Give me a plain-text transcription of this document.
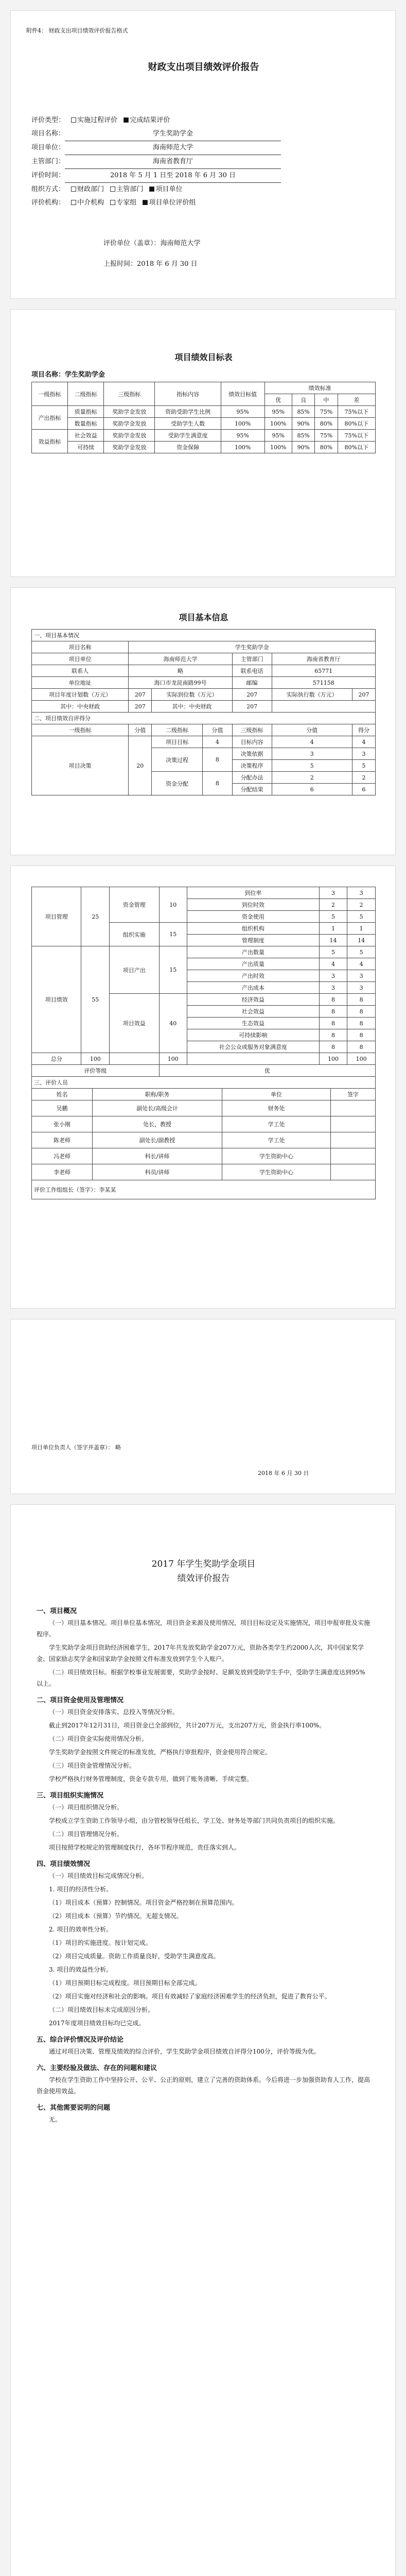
附件4： 财政支出项目绩效评价报告格式
财政支出项目绩效评价报告
评价类型： 实施过程评价 完成结果评价
项目名称：	学生奖助学金
项目单位：	海南师范大学
主管部门：	海南省教育厅
评价时间：	2018 年 5 月 1 日至 2018 年 6 月 30 日
组织方式： 财政部门 主管部门 项目单位
评价机构： 中介机构 专家组 项目单位评价组
评价单位（盖章）：海南师范大学
上报时间：2018 年 6 月 30 日
项目绩效目标表
项目名称：学生奖助学金
一级指标	二级指标	三级指标	指标内容	绩效目标值	绩效标准			
					优	良	中	差
产出指标	质量指标	奖助学金发放	资助受助学生比例	95%	95%	85%	75%	75%以下
	数量指标	奖助学金发放	受助学生人数	100%	100%	90%	80%	80%以下
效益指标	社会效益	奖助学金发放	受助学生满意度	95%	95%	85%	75%	75%以下
	可持续	奖助学金发放	资金保障	100%	100%	90%	80%	80%以下
项目基本信息
一、项目基本情况						
项目名称	学生奖助学金					
项目单位	海南师范大学			主管部门	海南省教育厅	
联系人	略			联系电话	65771	
单位地址	海口市龙昆南路99号			邮编	571158	
项目年度计划数（万元）	207	实际到位数（万元）		207	实际执行数（万元）	207
其中：中央财政	207	其中：中央财政		207		
二、项目绩效自评得分						
一级指标	分值	二级指标	分值	三级指标	分值	得分
项目决策	20	项目目标	4	目标内容	4	4
		决策过程	8	决策依据	3	3
				决策程序	5	5
		资金分配	8	分配办法	2	2
				分配结果	6	6
项目管理	25	资金管理	10	到位率	3	3
				到位时效	2	2
				资金使用	5	5
		组织实施	15	组织机构	1	1
				管理制度	14	14
项目绩效	55	项目产出	15	产出数量	5	5
				产出质量	4	4
				产出时效	3	3
				产出成本	3	3
		项目效益	40	经济效益	8	8
				社会效益	8	8
				生态效益	8	8
				可持续影响	8	8
				社会公众或服务对象满意度	8	8
总分	100		100		100	100
评价等级			优			
三、评价人员			
姓名	职称/职务	单位	签字
吴鹏	副处长/高级会计	财务处	
张小刚	处长，教授	学工处	
陈老师	副处长/副教授	学工处	
冯老师	科长/讲师	学生资助中心	
李老师	科员/讲师	学生资助中心	
评价工作组组长（签字）：李某某			
项目单位负责人（签字并盖章）： 略
2018 年 6 月 30 日
2017 年学生奖助学金项目
绩效评价报告
一、项目概况

（一）项目基本情况。项目单位基本情况，项目资金来源及使用情况，项目目标设定及实施情况，项目申报审批及实施程序。

学生奖助学金项目资助经济困难学生，2017年共发放奖助学金207万元，资助各类学生约2000人次，其中国家奖学金、国家励志奖学金和国家助学金按照文件标准发放到学生个人账户。

（二）项目绩效目标。根据学校事业发展需要，奖助学金按时、足额发放到受助学生手中，受助学生满意度达到95%以上。

二、项目资金使用及管理情况

（一）项目资金安排落实、总投入等情况分析。

截止到2017年12月31日，项目资金已全部到位，共计207万元，支出207万元，资金执行率100%。

（二）项目资金实际使用情况分析。

学生奖助学金按照文件规定的标准发放，严格执行审批程序，资金使用符合规定。

（三）项目资金管理情况分析。

学校严格执行财务管理制度，资金专款专用，做到了账务清晰、手续完整。

三、项目组织实施情况

（一）项目组织情况分析。

学校成立学生资助工作领导小组，由分管校领导任组长，学工处、财务处等部门共同负责项目的组织实施。

（二）项目管理情况分析。

项目按照学校规定的管理制度执行，各环节程序规范，责任落实到人。

四、项目绩效情况

（一）项目绩效目标完成情况分析。

1. 项目的经济性分析。

（1）项目成本（预算）控制情况。项目资金严格控制在预算范围内。

（2）项目成本（预算）节约情况。无超支情况。

2. 项目的效率性分析。

（1）项目的实施进度。按计划完成。

（2）项目完成质量。资助工作质量良好，受助学生满意度高。

3. 项目的效益性分析。

（1）项目预期目标完成程度。项目预期目标全部完成。

（2）项目实施对经济和社会的影响。项目有效减轻了家庭经济困难学生的经济负担，促进了教育公平。

（二）项目绩效目标未完成原因分析。

2017年度项目绩效目标均已完成。

五、综合评价情况及评价结论

通过对项目决策、管理及绩效的综合评价，学生奖助学金项目绩效自评得分100分，评价等级为优。

六、主要经验及做法、存在的问题和建议

学校在学生资助工作中坚持公开、公平、公正的原则，建立了完善的资助体系。今后将进一步加强资助育人工作，提高资金使用效益。

七、其他需要说明的问题

无。
